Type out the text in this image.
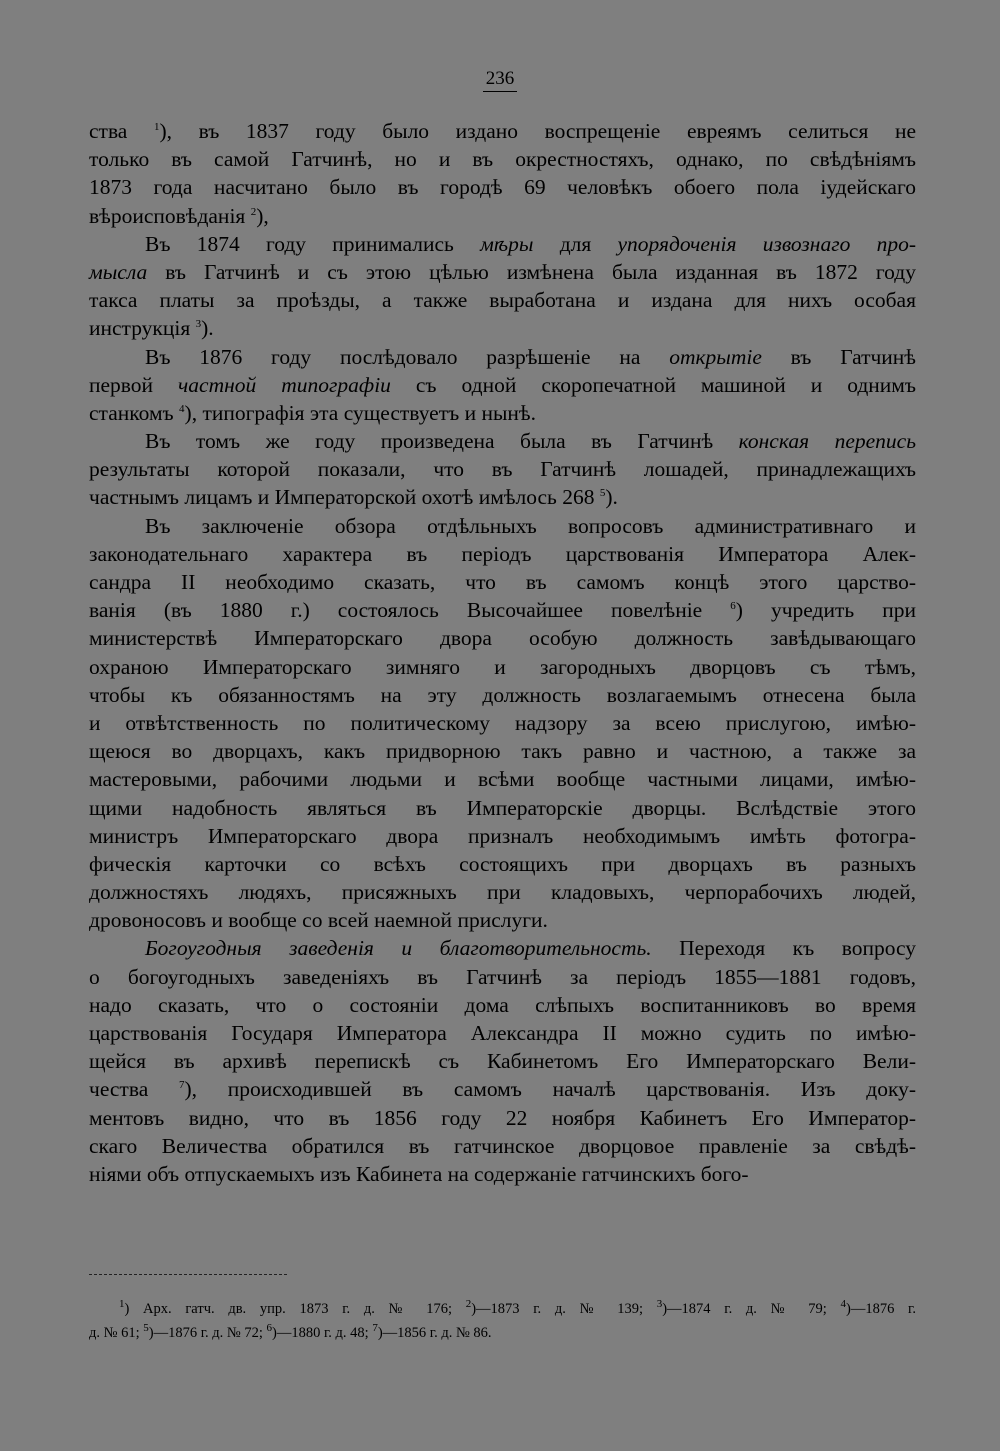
236
ства $^1$), въ 1837 году было издано воспрещеніе евреямъ селиться не
только въ самой Гатчинѣ, но и въ окрестностяхъ, однако, по свѣдѣніямъ
1873 года насчитано было въ городѣ 69 человѣкъ обоего пола іудейскаго
вѣроисповѣданія $^2$),
Въ 1874 году принимались мѣры для упорядоченія извознаго про-
мысла въ Гатчинѣ и съ этою цѣлью измѣнена была изданная въ 1872 году
такса платы за проѣзды, а также выработана и издана для нихъ особая
инструкція $^3$).
Въ 1876 году послѣдовало разрѣшеніе на открытіе въ Гатчинѣ
первой частной типографіи съ одной скоропечатной машиной и однимъ
станкомъ $^4$), типографія эта существуетъ и нынѣ.
Въ томъ же году произведена была въ Гатчинѣ конская перепись
результаты которой показали, что въ Гатчинѣ лошадей, принадлежащихъ
частнымъ лицамъ и Императорской охотѣ имѣлось 268 $^5$).
Въ заключеніе обзора отдѣльныхъ вопросовъ административнаго и
законодательнаго характера въ періодъ царствованія Императора Алек-
сандра II необходимо сказать, что въ самомъ концѣ этого царство-
ванія (въ 1880 г.) состоялось Высочайшее повелѣніе $^6$) учредить при
министерствѣ Императорскаго двора особую должность завѣдывающаго
охраною Императорскаго зимняго и загородныхъ дворцовъ съ тѣмъ,
чтобы къ обязанностямъ на эту должность возлагаемымъ отнесена была
и отвѣтственность по политическому надзору за всею прислугою, имѣю-
щеюся во дворцахъ, какъ придворною такъ равно и частною, а также за
мастеровыми, рабочими людьми и всѣми вообще частными лицами, имѣю-
щими надобность являться въ Императорскіе дворцы. Вслѣдствіе этого
министръ Императорскаго двора призналъ необходимымъ имѣть фотогра-
фическія карточки со всѣхъ состоящихъ при дворцахъ въ разныхъ
должностяхъ людяхъ, присяжныхъ при кладовыхъ, черпорабочихъ людей,
дровоносовъ и вообще со всей наемной прислуги.
Богоугодныя заведенія и благотворительность. Переходя къ вопросу
о богоугодныхъ заведеніяхъ въ Гатчинѣ за періодъ 1855—1881 годовъ,
надо сказать, что о состояніи дома слѣпыхъ воспитанниковъ во время
царствованія Государя Императора Александра II можно судить по имѣю-
щейся въ архивѣ перепискѣ съ Кабинетомъ Его Императорскаго Вели-
чества $^7$), происходившей въ самомъ началѣ царствованія. Изъ доку-
ментовъ видно, что въ 1856 году 22 ноября Кабинетъ Его Император-
скаго Величества обратился въ гатчинское дворцовое правленіе за свѣдѣ-
ніями объ отпускаемыхъ изъ Кабинета на содержаніе гатчинскихъ бого-
$^1$) Арх. гатч. дв. упр. 1873 г. д. № 176; $^2$)—1873 г. д. № 139; $^3$)—1874 г. д. № 79; $^4$)—1876 г.
д. № 61; $^5$)—1876 г. д. № 72; $^6$)—1880 г. д. 48; $^7$)—1856 г. д. № 86.
